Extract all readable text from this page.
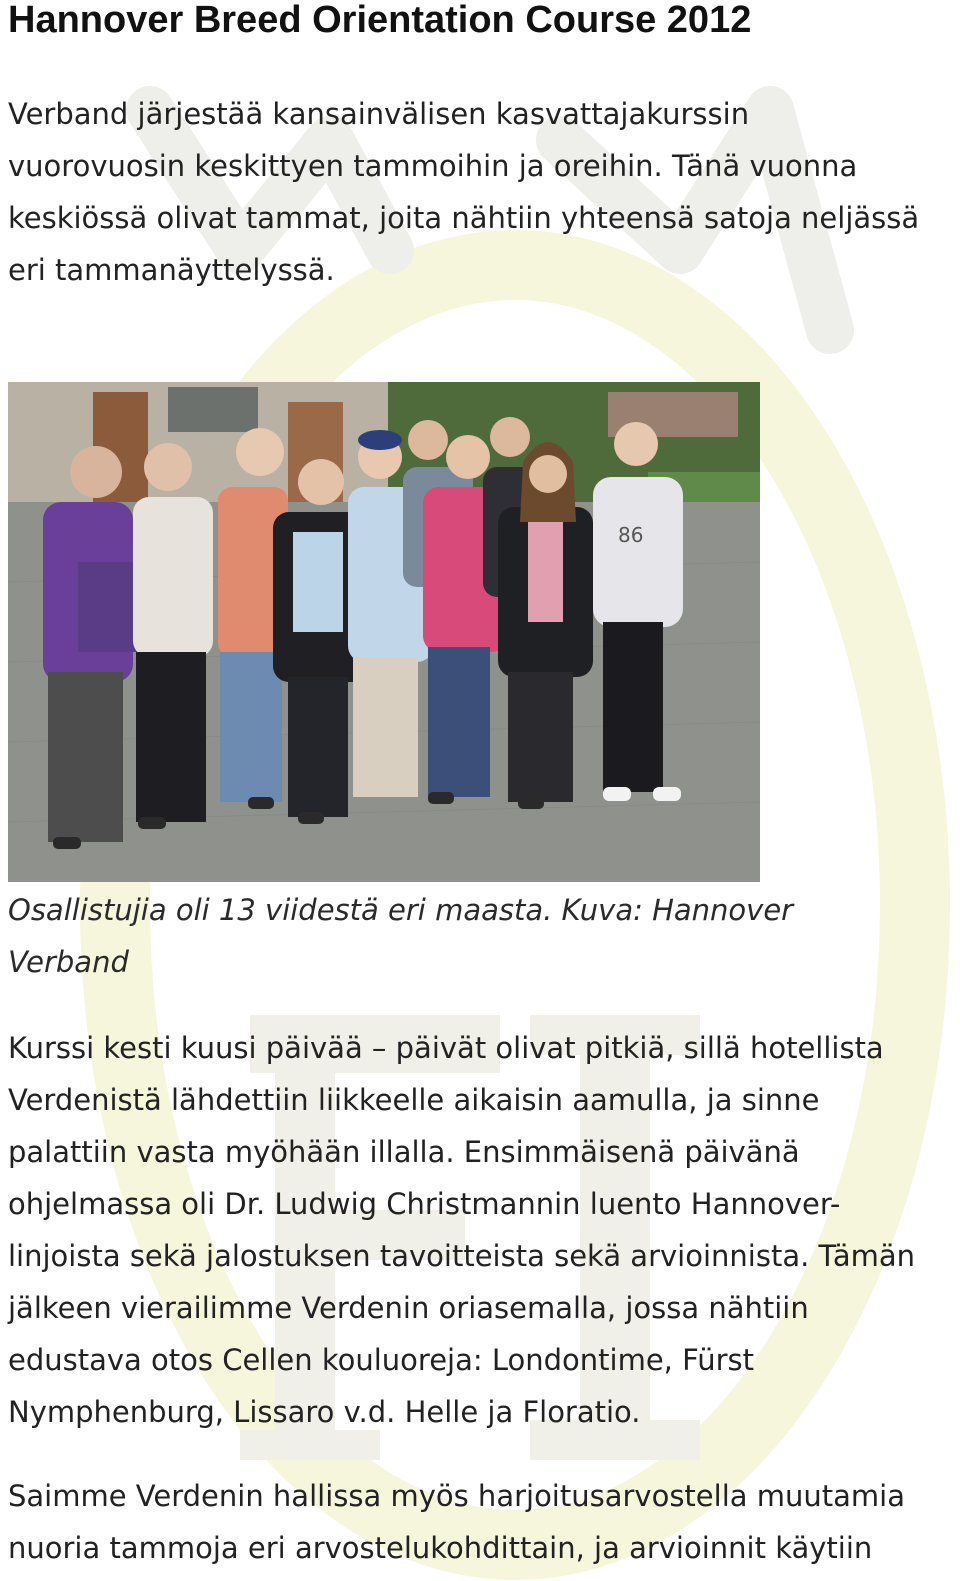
Hannover Breed Orientation Course 2012
Verband järjestää kansainvälisen kasvattajakurssin
vuorovuosin keskittyen tammoihin ja oreihin. Tänä vuonna
keskiössä olivat tammat, joita nähtiin yhteensä satoja neljässä
eri tammanäyttelyssä.
86
Osallistujia oli 13 viidestä eri maasta. Kuva: Hannover
Verband
Kurssi kesti kuusi päivää – päivät olivat pitkiä, sillä hotellista
Verdenistä lähdettiin liikkeelle aikaisin aamulla, ja sinne
palattiin vasta myöhään illalla. Ensimmäisenä päivänä
ohjelmassa oli Dr. Ludwig Christmannin luento Hannover-
linjoista sekä jalostuksen tavoitteista sekä arvioinnista. Tämän
jälkeen vierailimme Verdenin oriasemalla, jossa nähtiin
edustava otos Cellen kouluoreja: Londontime, Fürst
Nymphenburg, Lissaro v.d. Helle ja Floratio.
Saimme Verdenin hallissa myös harjoitusarvostella muutamia
nuoria tammoja eri arvostelukohdittain, ja arvioinnit käytiin
